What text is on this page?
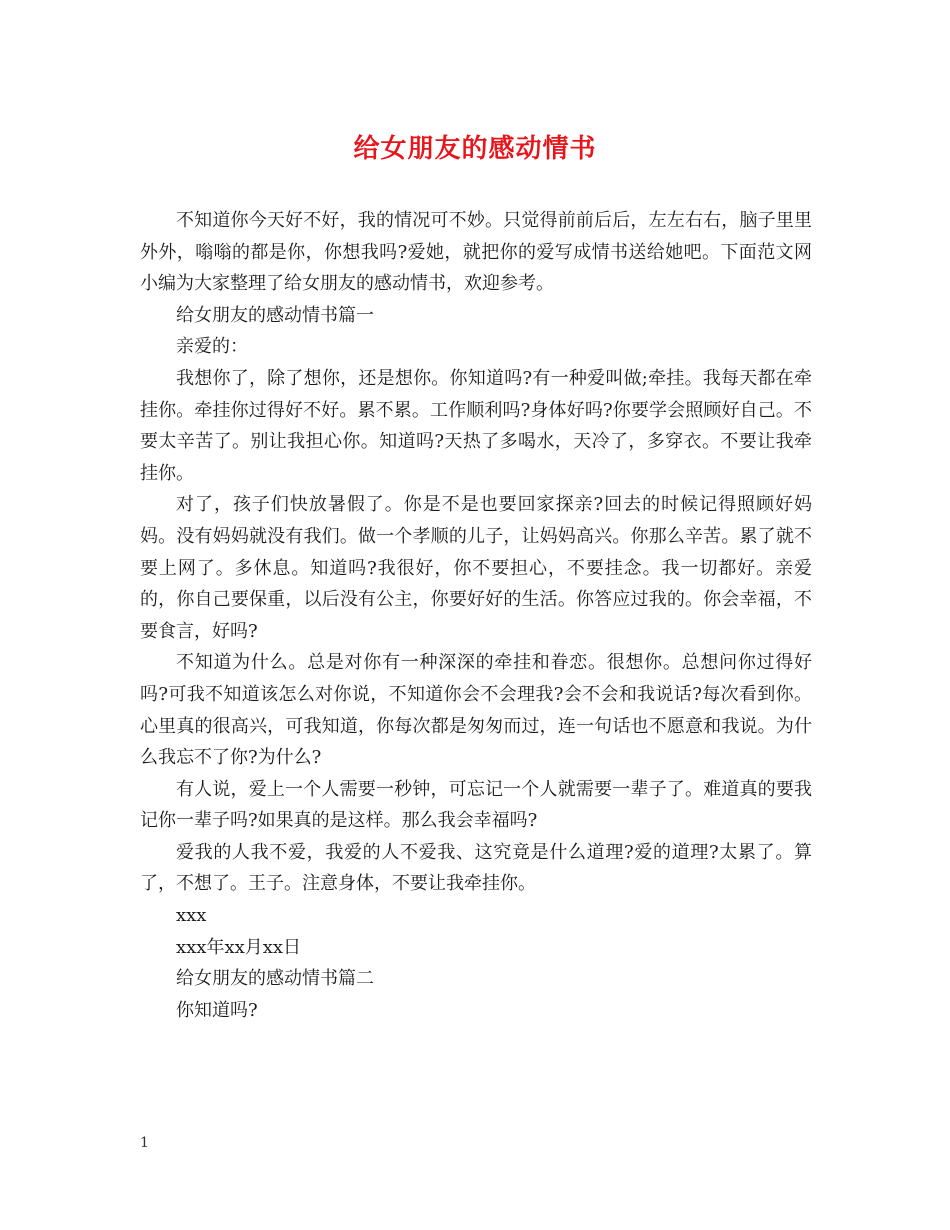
给女朋友的感动情书

不知道你今天好不好，我的情况可不妙。只觉得前前后后，左左右右，脑子里里外外，嗡嗡的都是你，你想我吗?爱她，就把你的爱写成情书送给她吧。下面范文网小编为大家整理了给女朋友的感动情书，欢迎参考。

给女朋友的感动情书篇一

亲爱的：

我想你了，除了想你，还是想你。你知道吗?有一种爱叫做;牵挂。我每天都在牵挂你。牵挂你过得好不好。累不累。工作顺利吗?身体好吗?你要学会照顾好自己。不要太辛苦了。别让我担心你。知道吗?天热了多喝水，天冷了，多穿衣。不要让我牵挂你。

对了，孩子们快放暑假了。你是不是也要回家探亲?回去的时候记得照顾好妈妈。没有妈妈就没有我们。做一个孝顺的儿子，让妈妈高兴。你那么辛苦。累了就不要上网了。多休息。知道吗?我很好，你不要担心，不要挂念。我一切都好。亲爱的，你自己要保重，以后没有公主，你要好好的生活。你答应过我的。你会幸福，不要食言，好吗?

不知道为什么。总是对你有一种深深的牵挂和眷恋。很想你。总想问你过得好吗?可我不知道该怎么对你说，不知道你会不会理我?会不会和我说话?每次看到你。心里真的很高兴，可我知道，你每次都是匆匆而过，连一句话也不愿意和我说。为什么我忘不了你?为什么?

有人说，爱上一个人需要一秒钟，可忘记一个人就需要一辈子了。难道真的要我记你一辈子吗?如果真的是这样。那么我会幸福吗?

爱我的人我不爱，我爱的人不爱我、这究竟是什么道理?爱的道理?太累了。算了，不想了。王子。注意身体，不要让我牵挂你。

xxx

xxx年xx月xx日

给女朋友的感动情书篇二

你知道吗?

1
